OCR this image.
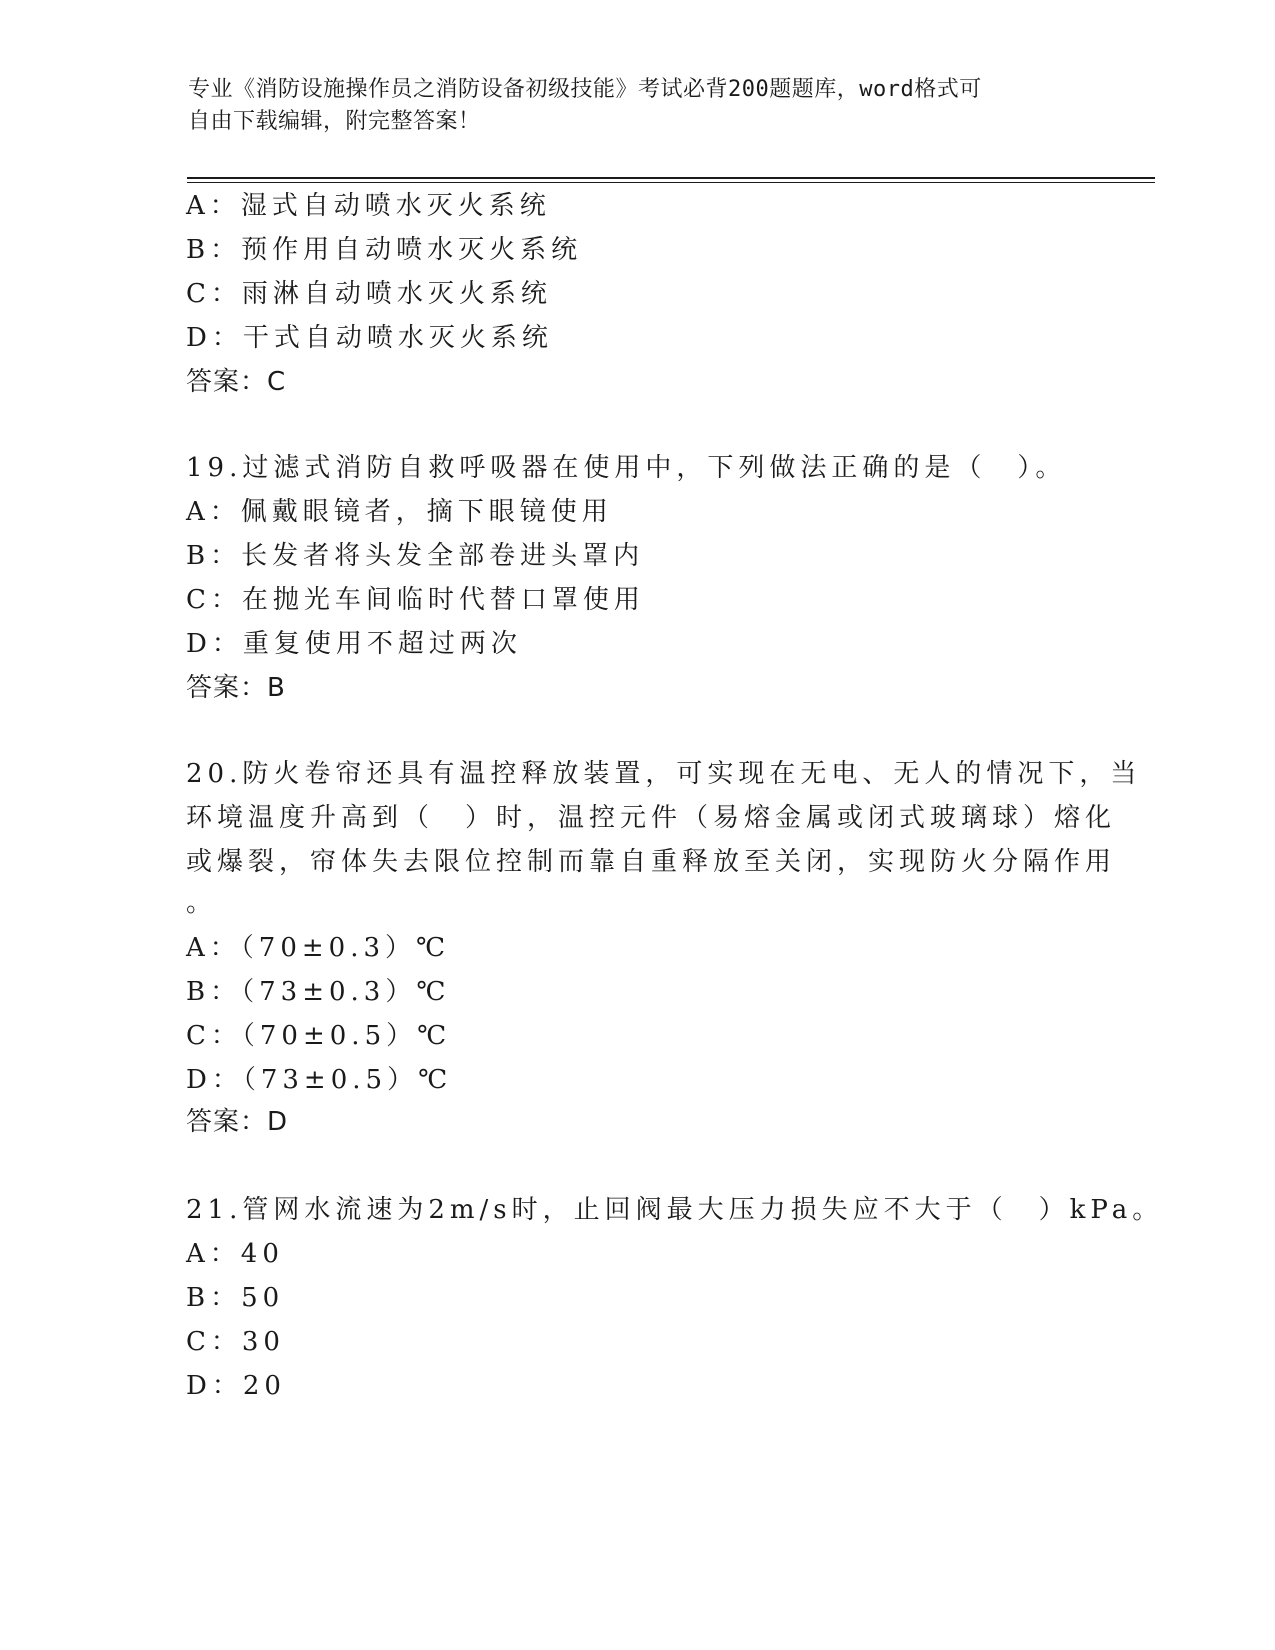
专业《消防设施操作员之消防设备初级技能》考试必背200题题库，word格式可
自由下载编辑，附完整答案！
A：湿式自动喷水灭火系统
B：预作用自动喷水灭火系统
C：雨淋自动喷水灭火系统
D：干式自动喷水灭火系统
答案：C
19.过滤式消防自救呼吸器在使用中，下列做法正确的是（　）。
A：佩戴眼镜者，摘下眼镜使用
B：长发者将头发全部卷进头罩内
C：在抛光车间临时代替口罩使用
D：重复使用不超过两次
答案：B
20.防火卷帘还具有温控释放装置，可实现在无电、无人的情况下，当
环境温度升高到（　）时，温控元件（易熔金属或闭式玻璃球）熔化
或爆裂，帘体失去限位控制而靠自重释放至关闭，实现防火分隔作用
。
A：（70±0.3）℃
B：（73±0.3）℃
C：（70±0.5）℃
D：（73±0.5）℃
答案：D
21.管网水流速为2m/s时，止回阀最大压力损失应不大于（　）kPa。
A：40
B：50
C：30
D：20
